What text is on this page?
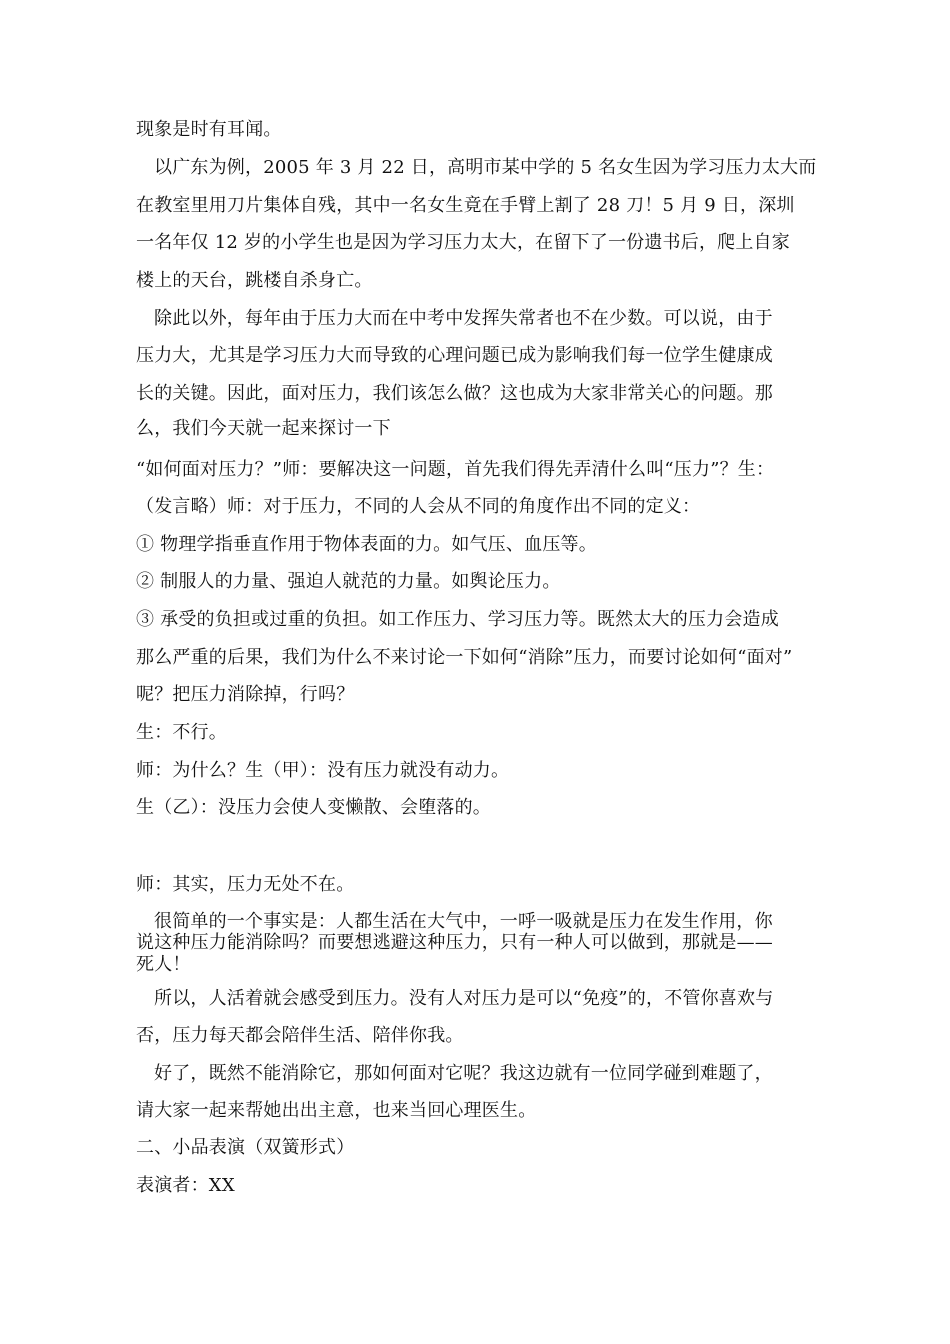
现象是时有耳闻。
以广东为例，2005 年 3 月 22 日，高明市某中学的 5 名女生因为学习压力太大而
在教室里用刀片集体自残，其中一名女生竟在手臂上割了 28 刀！5 月 9 日，深圳
一名年仅 12 岁的小学生也是因为学习压力太大，在留下了一份遗书后，爬上自家
楼上的天台，跳楼自杀身亡。
除此以外，每年由于压力大而在中考中发挥失常者也不在少数。可以说，由于
压力大，尤其是学习压力大而导致的心理问题已成为影响我们每一位学生健康成
长的关键。因此，面对压力，我们该怎么做？这也成为大家非常关心的问题。那
么，我们今天就一起来探讨一下
“如何面对压力？”师：要解决这一问题，首先我们得先弄清什么叫“压力”？生：
（发言略）师：对于压力，不同的人会从不同的角度作出不同的定义：
① 物理学指垂直作用于物体表面的力。如气压、血压等。
② 制服人的力量、强迫人就范的力量。如舆论压力。
③ 承受的负担或过重的负担。如工作压力、学习压力等。既然太大的压力会造成
那么严重的后果，我们为什么不来讨论一下如何“消除”压力，而要讨论如何“面对”
呢？把压力消除掉，行吗？
生：不行。
师：为什么？生（甲）：没有压力就没有动力。
生（乙）：没压力会使人变懒散、会堕落的。
师：其实，压力无处不在。
很简单的一个事实是：人都生活在大气中，一呼一吸就是压力在发生作用，你
说这种压力能消除吗？而要想逃避这种压力，只有一种人可以做到，那就是——
死人！
所以，人活着就会感受到压力。没有人对压力是可以“免疫”的，不管你喜欢与
否，压力每天都会陪伴生活、陪伴你我。
好了，既然不能消除它，那如何面对它呢？我这边就有一位同学碰到难题了，
请大家一起来帮她出出主意，也来当回心理医生。
二、小品表演（双簧形式）
表演者：XX
